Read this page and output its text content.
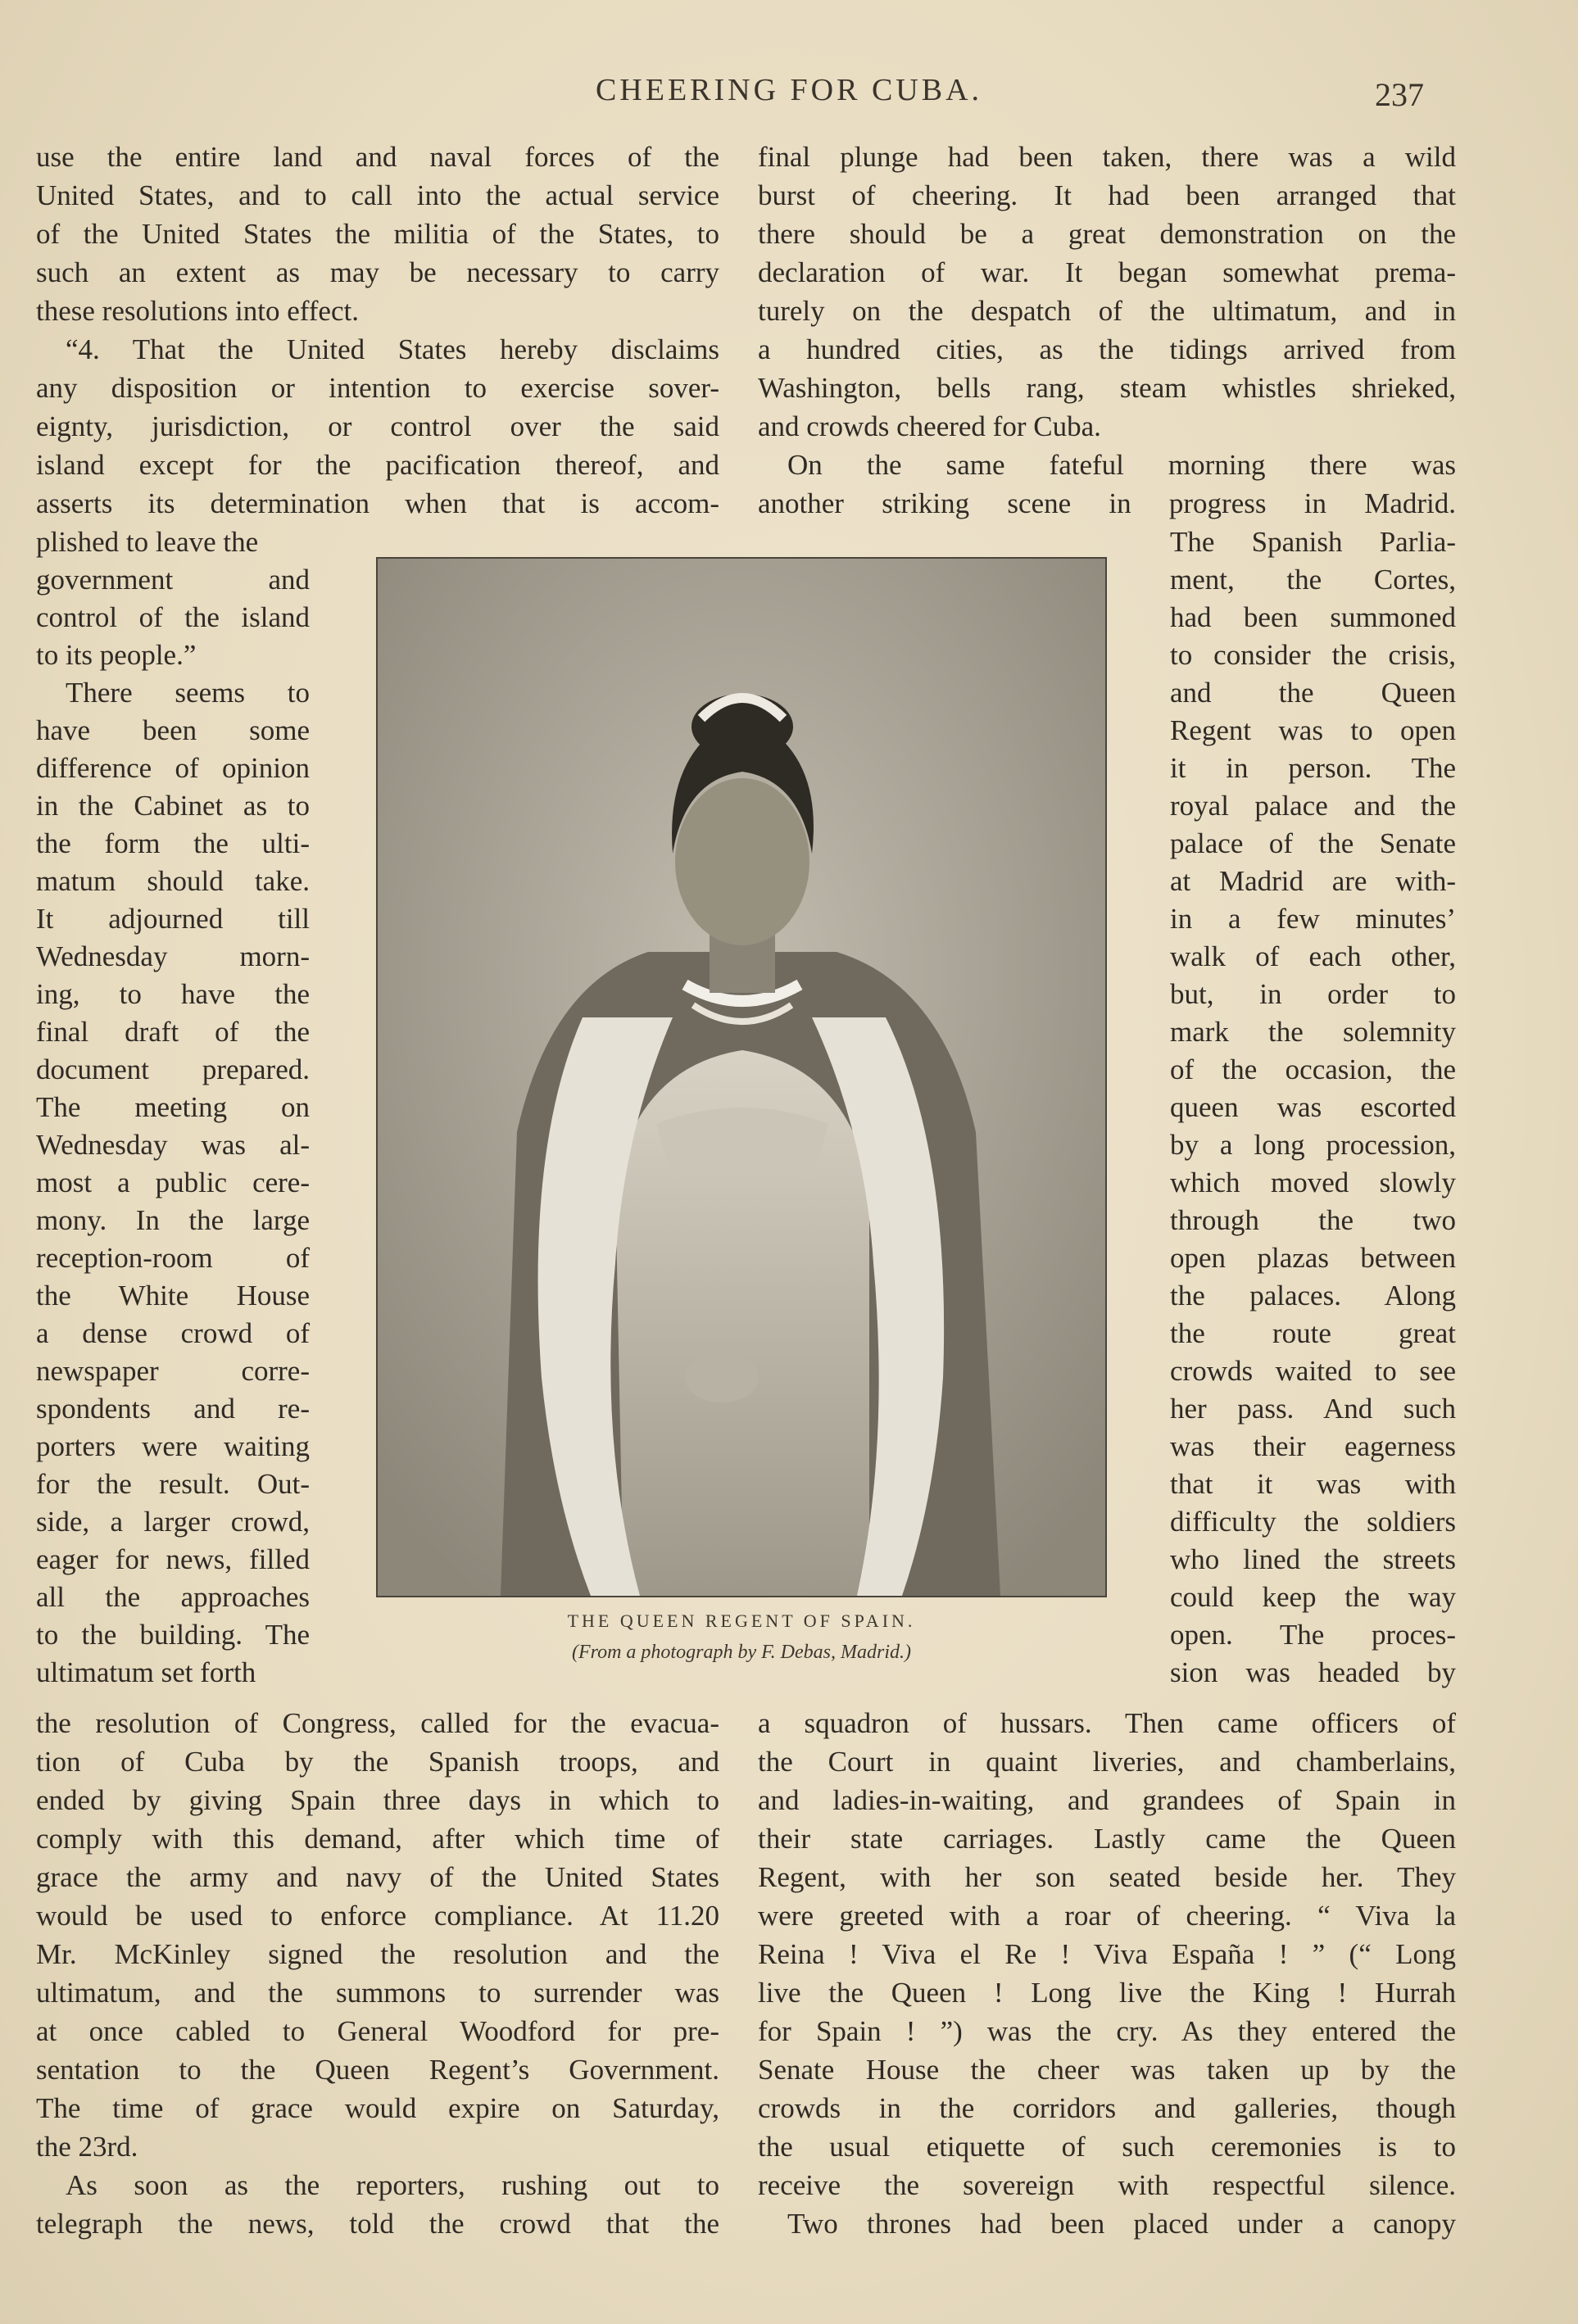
CHEERING FOR CUBA.	237
use the entire land and naval forces of the
United States, and to call into the actual service
of the United States the militia of the States, to
such an extent as may be necessary to carry
these resolutions into effect.
“4. That the United States hereby disclaims
any disposition or intention to exercise sover-
eignty, jurisdiction, or control over the said
island except for the pacification thereof, and
asserts its determination when that is accom-
plished to leave the
government and
control of the island
to its people.”
There seems to
have been some
difference of opinion
in the Cabinet as to
the form the ulti-
matum should take.
It adjourned till
Wednesday morn-
ing, to have the
final draft of the
document prepared.
The meeting on
Wednesday was al-
most a public cere-
mony. In the large
reception-room of
the White House
a dense crowd of
newspaper corre-
spondents and re-
porters were waiting
for the result. Out-
side, a larger crowd,
eager for news, filled
all the approaches
to the building. The
ultimatum set forth
the resolution of Congress, called for the evacua-
tion of Cuba by the Spanish troops, and
ended by giving Spain three days in which to
comply with this demand, after which time of
grace the army and navy of the United States
would be used to enforce compliance. At 11.20
Mr. McKinley signed the resolution and the
ultimatum, and the summons to surrender was
at once cabled to General Woodford for pre-
sentation to the Queen Regent’s Government.
The time of grace would expire on Saturday,
the 23rd.
As soon as the reporters, rushing out to
telegraph the news, told the crowd that the
final plunge had been taken, there was a wild
burst of cheering. It had been arranged that
there should be a great demonstration on the
declaration of war. It began somewhat prema-
turely on the despatch of the ultimatum, and in
a hundred cities, as the tidings arrived from
Washington, bells rang, steam whistles shrieked,
and crowds cheered for Cuba.
On the same fateful morning there was
another striking scene in progress in Madrid.
The Spanish Parlia-
ment, the Cortes,
had been summoned
to consider the crisis,
and the Queen
Regent was to open
it in person. The
royal palace and the
palace of the Senate
at Madrid are with-
in a few minutes’
walk of each other,
but, in order to
mark the solemnity
of the occasion, the
queen was escorted
by a long procession,
which moved slowly
through the two
open plazas between
the palaces. Along
the route great
crowds waited to see
her pass. And such
was their eagerness
that it was with
difficulty the soldiers
who lined the streets
could keep the way
open. The proces-
sion was headed by
a squadron of hussars. Then came officers of
the Court in quaint liveries, and chamberlains,
and ladies-in-waiting, and grandees of Spain in
their state carriages. Lastly came the Queen
Regent, with her son seated beside her. They
were greeted with a roar of cheering. “ Viva la
Reina ! Viva el Re ! Viva España ! ” (“ Long
live the Queen ! Long live the King ! Hurrah
for Spain ! ”) was the cry. As they entered the
Senate House the cheer was taken up by the
crowds in the corridors and galleries, though
the usual etiquette of such ceremonies is to
receive the sovereign with respectful silence.
Two thrones had been placed under a canopy
THE QUEEN REGENT OF SPAIN.
(From a photograph by F. Debas, Madrid.)
